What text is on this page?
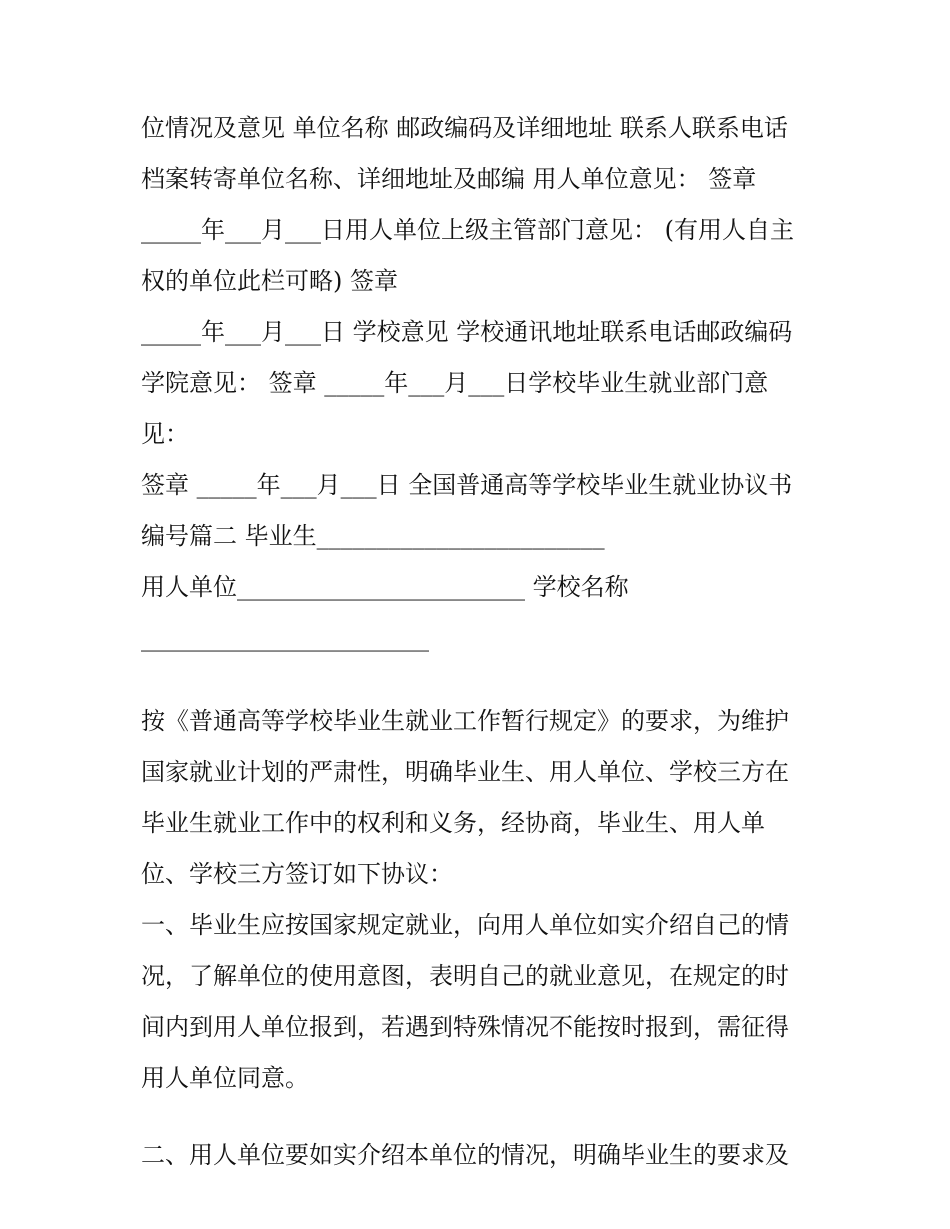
位情况及意见 单位名称 邮政编码及详细地址 联系人联系电话
档案转寄单位名称、详细地址及邮编 用人单位意见： 签章
_____年___月___日用人单位上级主管部门意见： (有用人自主
权的单位此栏可略) 签章
_____年___月___日 学校意见 学校通讯地址联系电话邮政编码
学院意见： 签章 _____年___月___日学校毕业生就业部门意
见：
签章 _____年___月___日 全国普通高等学校毕业生就业协议书
编号篇二 毕业生________________________
用人单位________________________ 学校名称
________________________
按《普通高等学校毕业生就业工作暂行规定》的要求，为维护
国家就业计划的严肃性，明确毕业生、用人单位、学校三方在
毕业生就业工作中的权利和义务，经协商，毕业生、用人单
位、学校三方签订如下协议：
一、毕业生应按国家规定就业，向用人单位如实介绍自己的情
况，了解单位的使用意图，表明自己的就业意见，在规定的时
间内到用人单位报到，若遇到特殊情况不能按时报到，需征得
用人单位同意。
二、用人单位要如实介绍本单位的情况，明确毕业生的要求及
